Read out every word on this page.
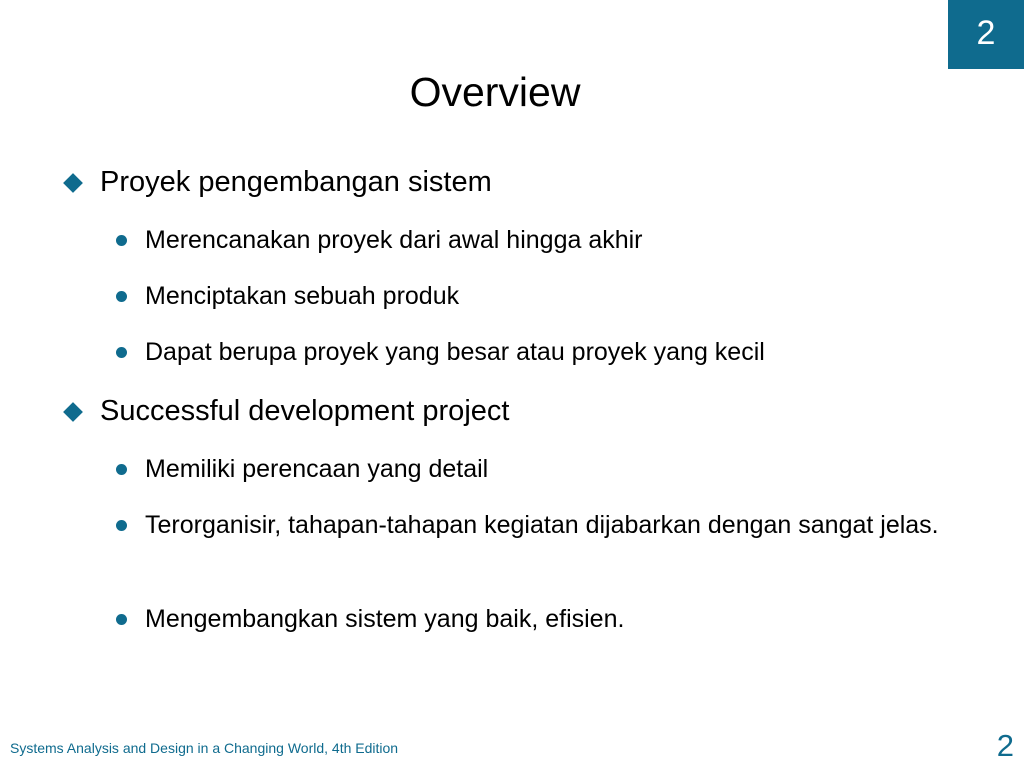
2
Overview
Proyek pengembangan sistem
Merencanakan proyek dari awal hingga akhir
Menciptakan sebuah produk
Dapat berupa proyek yang besar atau proyek yang kecil
Successful development project
Memiliki perencaan yang detail
Terorganisir, tahapan-tahapan kegiatan dijabarkan dengan sangat jelas.
Mengembangkan sistem yang baik, efisien.
Systems Analysis and Design in a Changing World, 4th Edition	2
